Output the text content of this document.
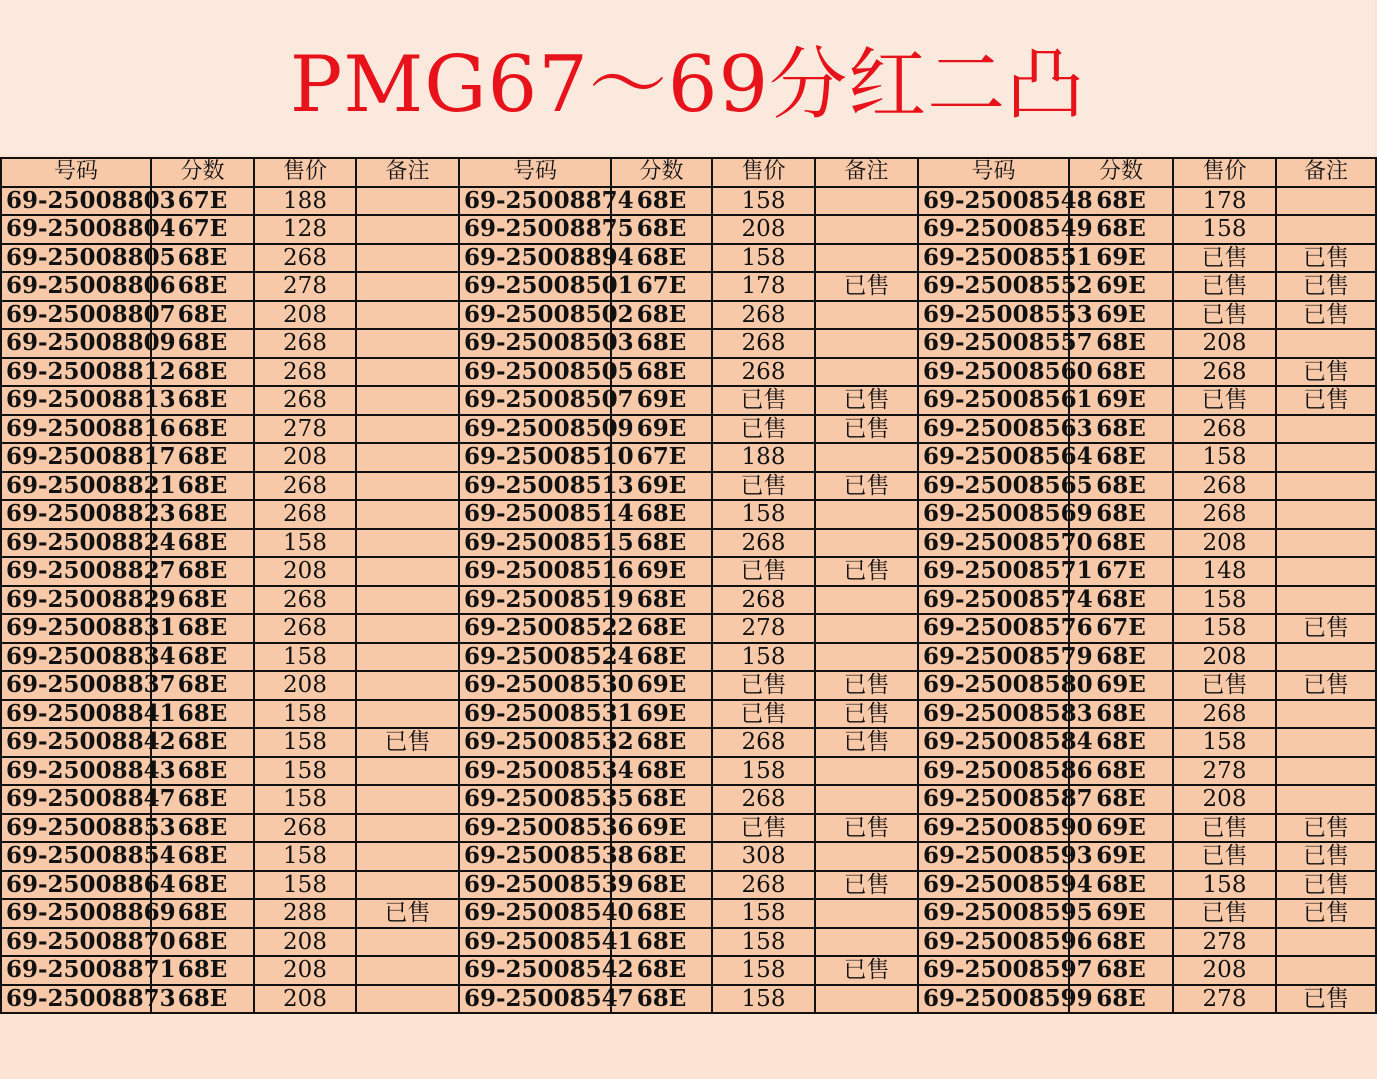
PMG67～69分红二凸
号码	分数	售价	备注	号码	分数	售价	备注	号码	分数	售价	备注
69-25008803	67E	188		69-25008874	68E	158		69-25008548	68E	178	
69-25008804	67E	128		69-25008875	68E	208		69-25008549	68E	158	
69-25008805	68E	268		69-25008894	68E	158		69-25008551	69E	已售	已售
69-25008806	68E	278		69-25008501	67E	178	已售	69-25008552	69E	已售	已售
69-25008807	68E	208		69-25008502	68E	268		69-25008553	69E	已售	已售
69-25008809	68E	268		69-25008503	68E	268		69-25008557	68E	208	
69-25008812	68E	268		69-25008505	68E	268		69-25008560	68E	268	已售
69-25008813	68E	268		69-25008507	69E	已售	已售	69-25008561	69E	已售	已售
69-25008816	68E	278		69-25008509	69E	已售	已售	69-25008563	68E	268	
69-25008817	68E	208		69-25008510	67E	188		69-25008564	68E	158	
69-25008821	68E	268		69-25008513	69E	已售	已售	69-25008565	68E	268	
69-25008823	68E	268		69-25008514	68E	158		69-25008569	68E	268	
69-25008824	68E	158		69-25008515	68E	268		69-25008570	68E	208	
69-25008827	68E	208		69-25008516	69E	已售	已售	69-25008571	67E	148	
69-25008829	68E	268		69-25008519	68E	268		69-25008574	68E	158	
69-25008831	68E	268		69-25008522	68E	278		69-25008576	67E	158	已售
69-25008834	68E	158		69-25008524	68E	158		69-25008579	68E	208	
69-25008837	68E	208		69-25008530	69E	已售	已售	69-25008580	69E	已售	已售
69-25008841	68E	158		69-25008531	69E	已售	已售	69-25008583	68E	268	
69-25008842	68E	158	已售	69-25008532	68E	268	已售	69-25008584	68E	158	
69-25008843	68E	158		69-25008534	68E	158		69-25008586	68E	278	
69-25008847	68E	158		69-25008535	68E	268		69-25008587	68E	208	
69-25008853	68E	268		69-25008536	69E	已售	已售	69-25008590	69E	已售	已售
69-25008854	68E	158		69-25008538	68E	308		69-25008593	69E	已售	已售
69-25008864	68E	158		69-25008539	68E	268	已售	69-25008594	68E	158	已售
69-25008869	68E	288	已售	69-25008540	68E	158		69-25008595	69E	已售	已售
69-25008870	68E	208		69-25008541	68E	158		69-25008596	68E	278	
69-25008871	68E	208		69-25008542	68E	158	已售	69-25008597	68E	208	
69-25008873	68E	208		69-25008547	68E	158		69-25008599	68E	278	已售
